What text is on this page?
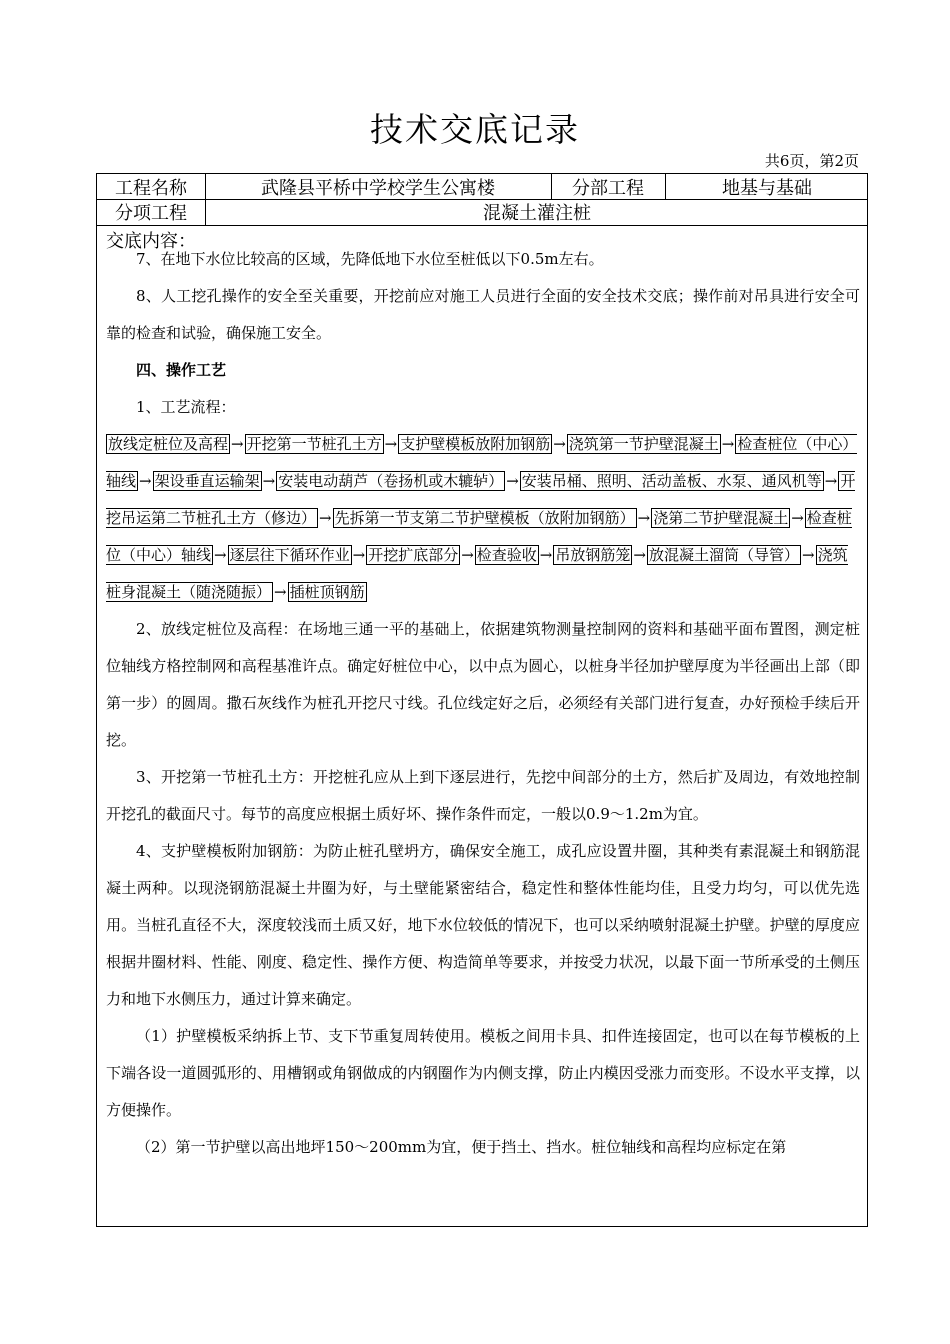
技术交底记录
共6页，第2页
工程名称	武隆县平桥中学校学生公寓楼	分部工程	地基与基础
分项工程	混凝土灌注桩
交底内容：

7、在地下水位比较高的区域，先降低地下水位至桩低以下0.5m左右。

8、人工挖孔操作的安全至关重要，开挖前应对施工人员进行全面的安全技术交底；操作前对吊具进行安全可靠的检查和试验，确保施工安全。

四、操作工艺

1、工艺流程：

放线定桩位及高程 → 开挖第一节桩孔土方 → 支护壁模板放附加钢筋 → 浇筑第一节护壁混凝土 → 检查桩位（中心）轴线 → 架设垂直运输架 → 安装电动葫芦（卷扬机或木辘轳） → 安装吊桶、照明、活动盖板、水泵、通风机等 → 开挖吊运第二节桩孔土方（修边） → 先拆第一节支第二节护壁模板（放附加钢筋） → 浇第二节护壁混凝土 → 检查桩位（中心）轴线 → 逐层往下循环作业 → 开挖扩底部分 → 检查验收 → 吊放钢筋笼 → 放混凝土溜筒（导管） → 浇筑桩身混凝土（随浇随振） → 插桩顶钢筋

2、放线定桩位及高程：在场地三通一平的基础上，依据建筑物测量控制网的资料和基础平面布置图，测定桩位轴线方格控制网和高程基准许点。确定好桩位中心，以中点为圆心，以桩身半径加护壁厚度为半径画出上部（即第一步）的圆周。撒石灰线作为桩孔开挖尺寸线。孔位线定好之后，必须经有关部门进行复查，办好预检手续后开挖。

3、开挖第一节桩孔土方：开挖桩孔应从上到下逐层进行，先挖中间部分的土方，然后扩及周边，有效地控制开挖孔的截面尺寸。每节的高度应根据土质好坏、操作条件而定，一般以0.9～1.2m为宜。

4、支护壁模板附加钢筋：为防止桩孔壁坍方，确保安全施工，成孔应设置井圈，其种类有素混凝土和钢筋混凝土两种。以现浇钢筋混凝土井圈为好，与土壁能紧密结合，稳定性和整体性能均佳，且受力均匀，可以优先选用。当桩孔直径不大，深度较浅而土质又好，地下水位较低的情况下，也可以采纳喷射混凝土护壁。护壁的厚度应根据井圈材料、性能、刚度、稳定性、操作方便、构造简单等要求，并按受力状况，以最下面一节所承受的土侧压力和地下水侧压力，通过计算来确定。

（1）护壁模板采纳拆上节、支下节重复周转使用。模板之间用卡具、扣件连接固定，也可以在每节模板的上下端各设一道圆弧形的、用槽钢或角钢做成的内钢圈作为内侧支撑，防止内模因受涨力而变形。不设水平支撑，以方便操作。

（2）第一节护壁以高出地坪150～200mm为宜，便于挡土、挡水。桩位轴线和高程均应标定在第
